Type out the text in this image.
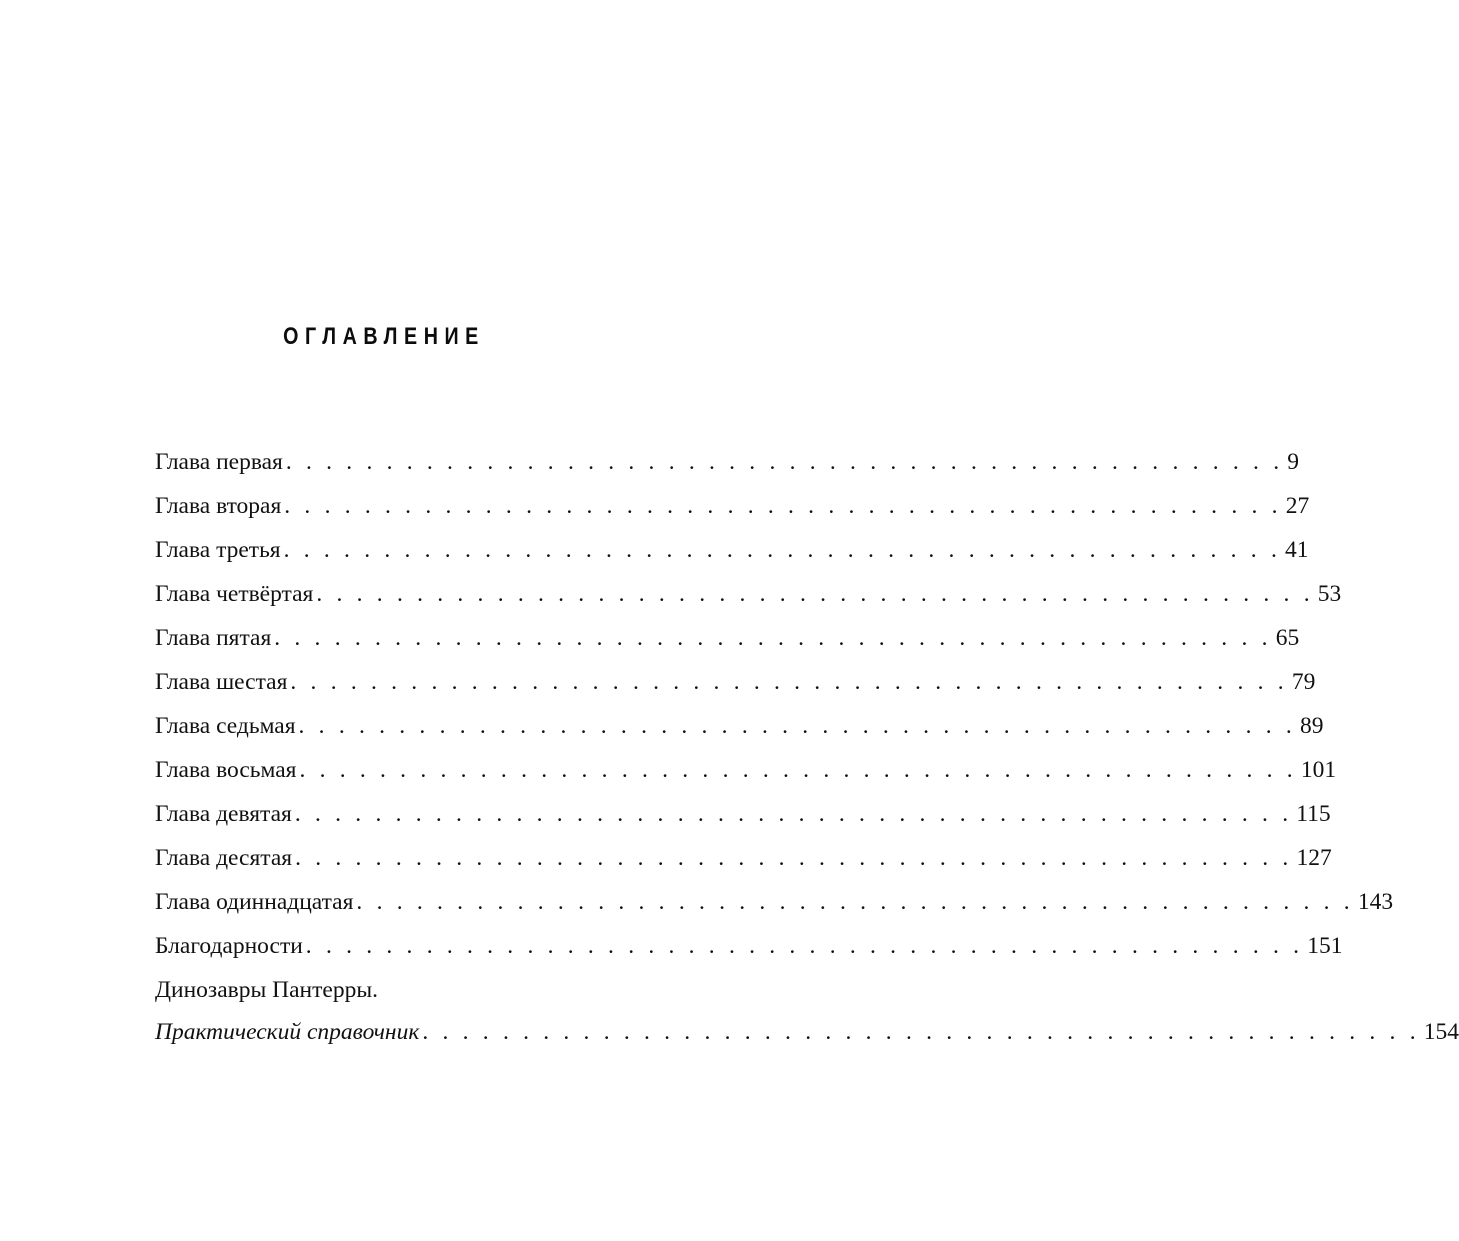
ОГЛАВЛЕНИЕ
Глава первая . . . . . . . . . . . . . . . . . . . . . . . . . . . . . . . . . . . . . . . . . . . . . . . . . . 9
Глава вторая . . . . . . . . . . . . . . . . . . . . . . . . . . . . . . . . . . . . . . . . . . . . . . . . . . 27
Глава третья . . . . . . . . . . . . . . . . . . . . . . . . . . . . . . . . . . . . . . . . . . . . . . . . . . 41
Глава четвёртая . . . . . . . . . . . . . . . . . . . . . . . . . . . . . . . . . . . . . . . . . . . . . . . . . . 53
Глава пятая . . . . . . . . . . . . . . . . . . . . . . . . . . . . . . . . . . . . . . . . . . . . . . . . . . 65
Глава шестая . . . . . . . . . . . . . . . . . . . . . . . . . . . . . . . . . . . . . . . . . . . . . . . . . . 79
Глава седьмая . . . . . . . . . . . . . . . . . . . . . . . . . . . . . . . . . . . . . . . . . . . . . . . . . . 89
Глава восьмая . . . . . . . . . . . . . . . . . . . . . . . . . . . . . . . . . . . . . . . . . . . . . . . . . . 101
Глава девятая . . . . . . . . . . . . . . . . . . . . . . . . . . . . . . . . . . . . . . . . . . . . . . . . . . 115
Глава десятая . . . . . . . . . . . . . . . . . . . . . . . . . . . . . . . . . . . . . . . . . . . . . . . . . . 127
Глава одиннадцатая . . . . . . . . . . . . . . . . . . . . . . . . . . . . . . . . . . . . . . . . . . . . . . . . . . 143
Благодарности . . . . . . . . . . . . . . . . . . . . . . . . . . . . . . . . . . . . . . . . . . . . . . . . . . 151
Динозавры Пантерры.
Практический справочник . . . . . . . . . . . . . . . . . . . . . . . . . . . . . . . . . . . . . . . . . . . . . . . . . . 154
